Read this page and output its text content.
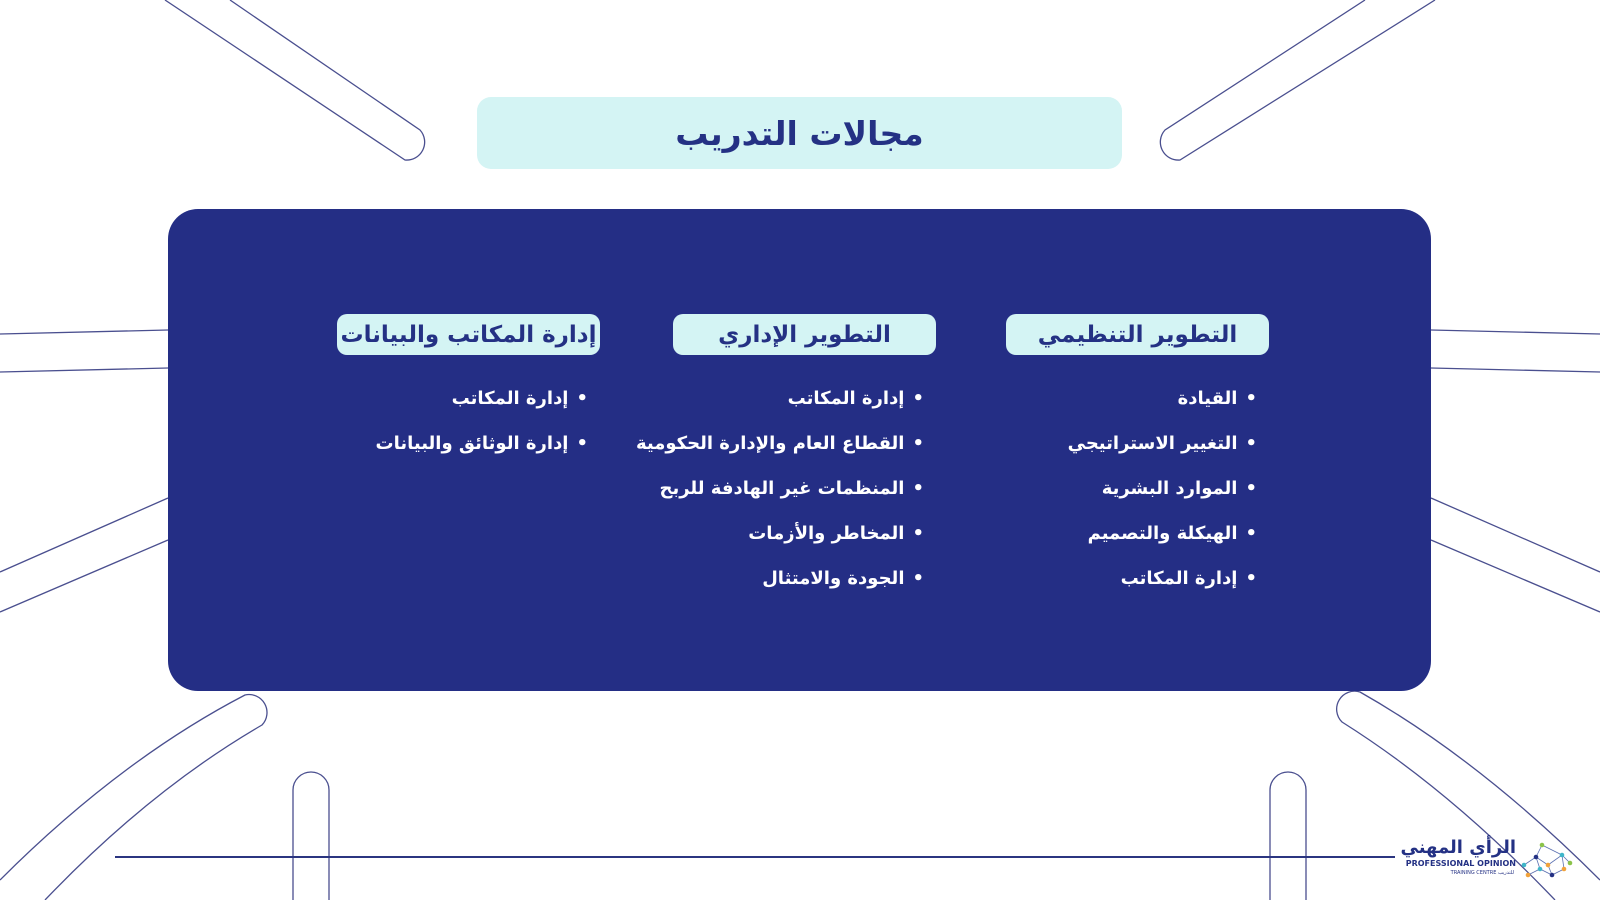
مجالات التدريب
التطوير التنظيمي
•القيادة
•التغيير الاستراتيجي
•الموارد البشرية
•الهيكلة والتصميم
•إدارة المكاتب
التطوير الإداري
•إدارة المكاتب
•القطاع العام والإدارة الحكومية
•المنظمات غير الهادفة للربح
•المخاطر والأزمات
•الجودة والامتثال
إدارة المكاتب والبيانات
•إدارة المكاتب
•إدارة الوثائق والبيانات
الرأي المهني
PROFESSIONAL OPINION
TRAINING CENTRE للتدريب
